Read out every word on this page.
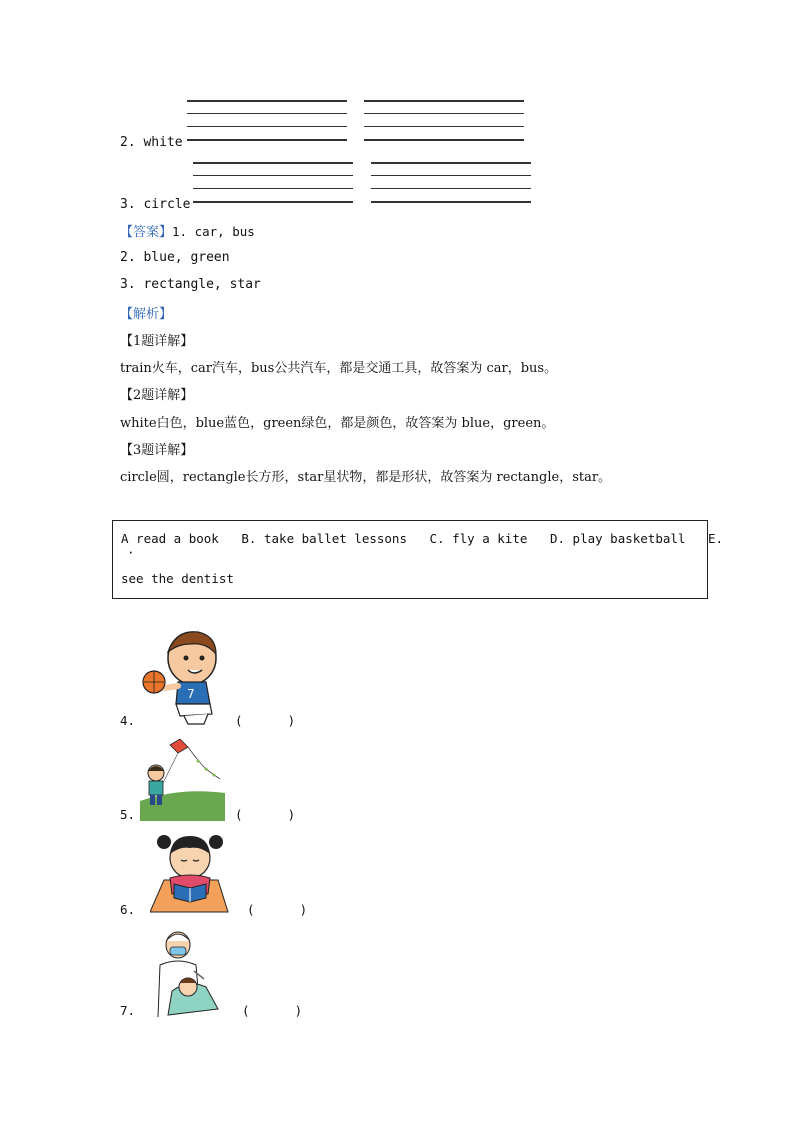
2. white
3. circle
【答案】1. car, bus
2. blue, green
3. rectangle, star
【解析】
【1题详解】
train火车，car汽车，bus公共汽车，都是交通工具，故答案为 car，bus。
【2题详解】
white白色，blue蓝色，green绿色，都是颜色，故答案为 blue，green。
【3题详解】
circle圆，rectangle长方形，star星状物，都是形状，故答案为 rectangle，star。
A read a book   B. take ballet lessons   C. fly a kite   D. play basketball   E.
·
see the dentist
7
4.	(      )
5.	(      )
6.	(      )
7.	(      )
